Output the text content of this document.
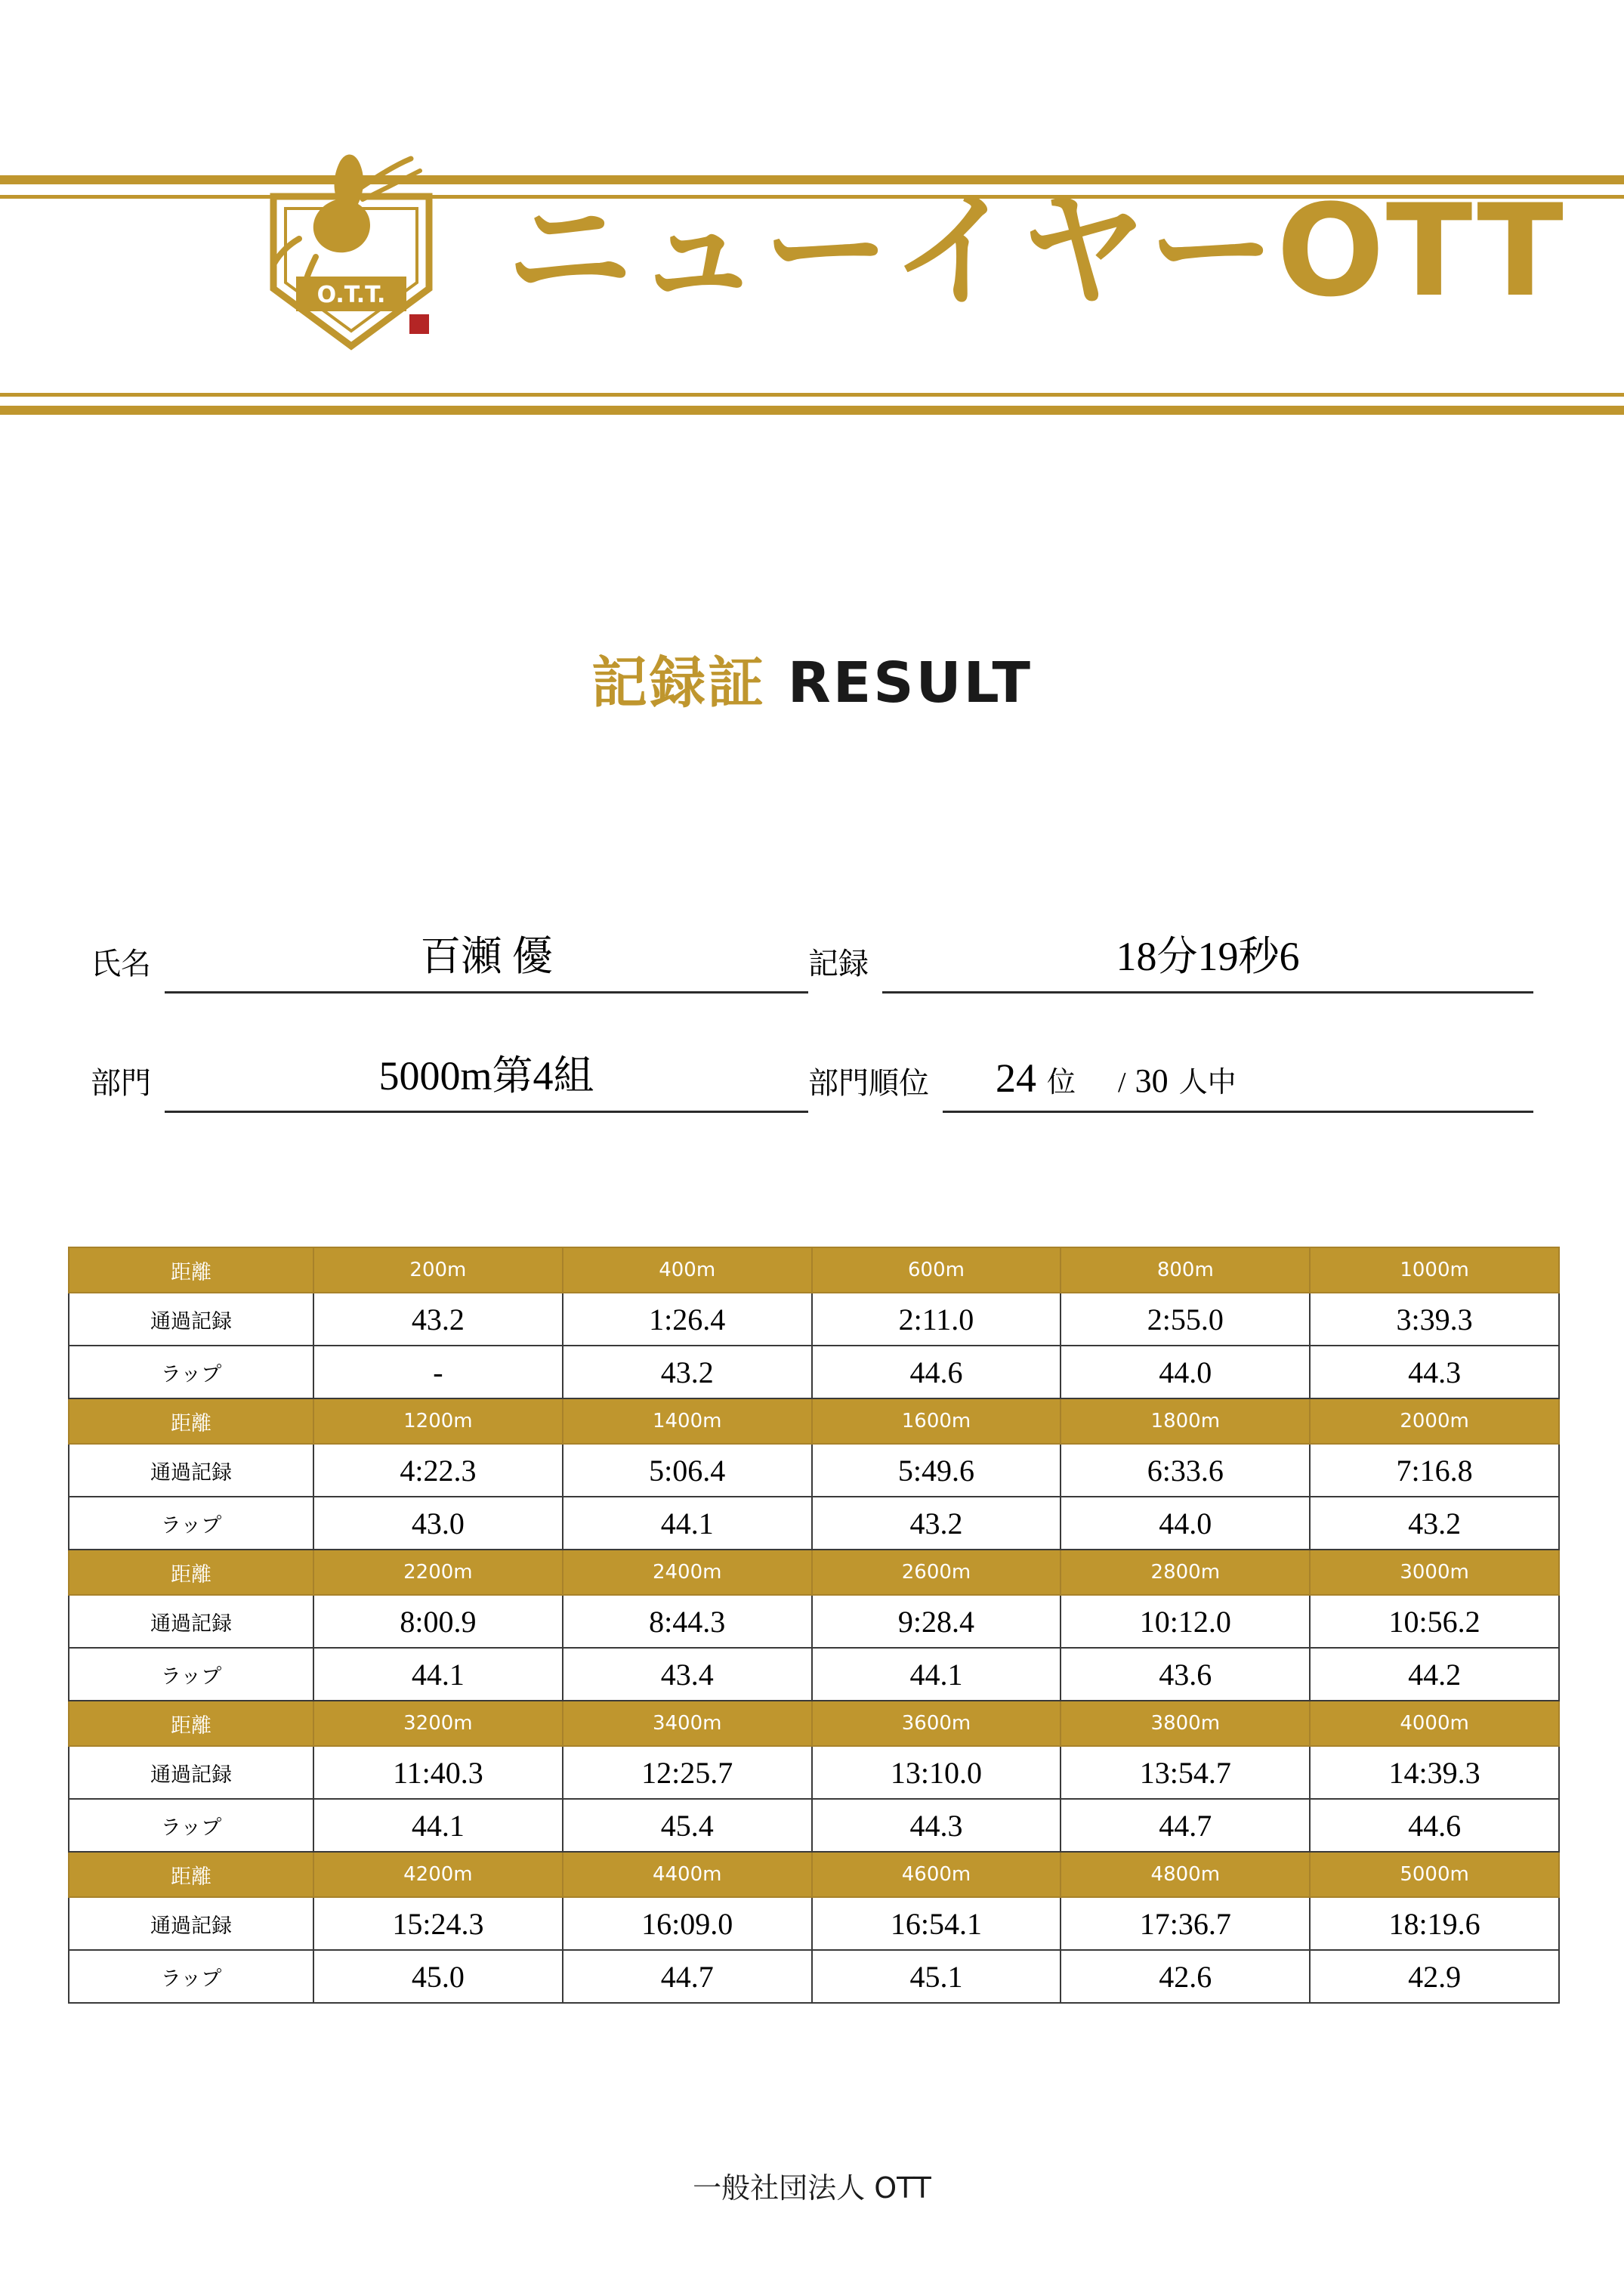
O.T.T. ニューイヤーOTT
記録証 RESULT
氏名	百瀬 優	記録	18分19秒6
部門	5000m第4組	部門順位	24 位 / 30 人中
距離	200m	400m	600m	800m	1000m
通過記録	43.2	1:26.4	2:11.0	2:55.0	3:39.3
ラップ	-	43.2	44.6	44.0	44.3
距離	1200m	1400m	1600m	1800m	2000m
通過記録	4:22.3	5:06.4	5:49.6	6:33.6	7:16.8
ラップ	43.0	44.1	43.2	44.0	43.2
距離	2200m	2400m	2600m	2800m	3000m
通過記録	8:00.9	8:44.3	9:28.4	10:12.0	10:56.2
ラップ	44.1	43.4	44.1	43.6	44.2
距離	3200m	3400m	3600m	3800m	4000m
通過記録	11:40.3	12:25.7	13:10.0	13:54.7	14:39.3
ラップ	44.1	45.4	44.3	44.7	44.6
距離	4200m	4400m	4600m	4800m	5000m
通過記録	15:24.3	16:09.0	16:54.1	17:36.7	18:19.6
ラップ	45.0	44.7	45.1	42.6	42.9
一般社団法人 OTT
